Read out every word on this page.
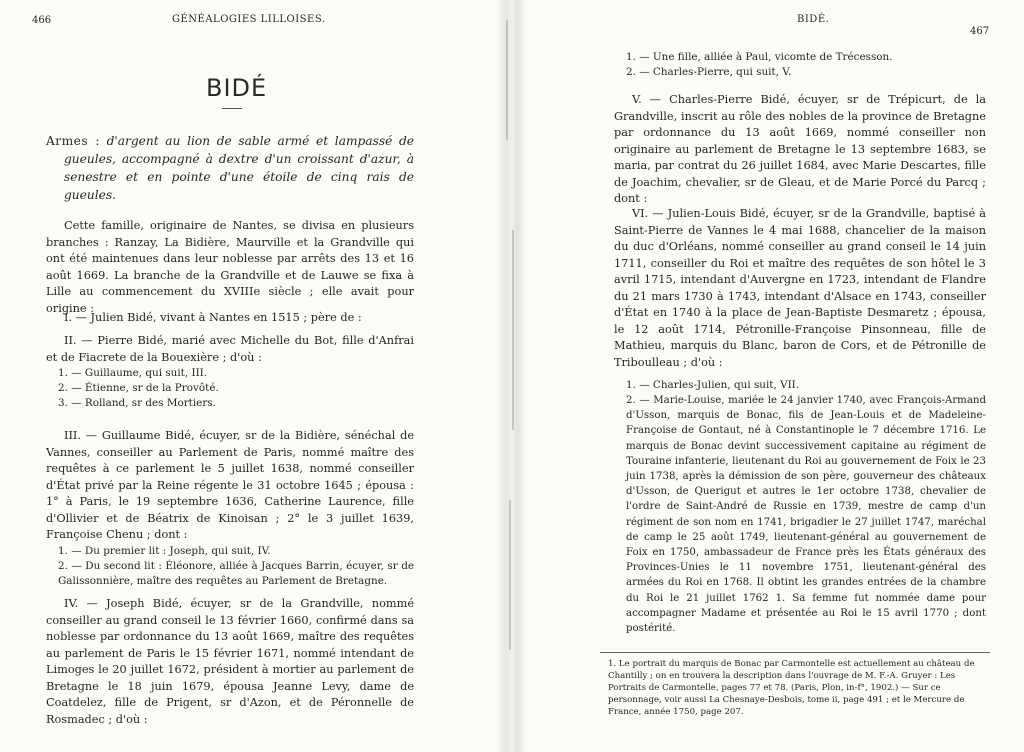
466	GÉNÉALOGIES LILLOISES.
BIDÉ

Armes : d'argent au lion de sable armé et lampassé de gueules, accompagné à dextre d'un croissant d'azur, à senestre et en pointe d'une étoile de cinq rais de gueules.

Cette famille, originaire de Nantes, se divisa en plusieurs branches : Ranzay, La Bidière, Maurville et la Grandville qui ont été maintenues dans leur noblesse par arrêts des 13 et 16 août 1669. La branche de la Grandville et de Lauwe se fixa à Lille au commencement du XVIIIe siècle ; elle avait pour origine :

I. — Julien Bidé, vivant à Nantes en 1515 ; père de :

II. — Pierre Bidé, marié avec Michelle du Bot, fille d'Anfrai et de Fiacrete de la Bouexière ; d'où :

1. — Guillaume, qui suit, III.

2. — Étienne, sr de la Provôté.

3. — Rolland, sr des Mortiers.

III. — Guillaume Bidé, écuyer, sr de la Bidière, sénéchal de Vannes, conseiller au Parlement de Paris, nommé maître des requêtes à ce parlement le 5 juillet 1638, nommé conseiller d'État privé par la Reine régente le 31 octobre 1645 ; épousa : 1° à Paris, le 19 septembre 1636, Catherine Laurence, fille d'Ollivier et de Béatrix de Kinoisan ; 2° le 3 juillet 1639, Françoise Chenu ; dont :

1. — Du premier lit : Joseph, qui suit, IV.

2. — Du second lit : Éléonore, alliée à Jacques Barrin, écuyer, sr de Galissonnière, maître des requêtes au Parlement de Bretagne.

IV. — Joseph Bidé, écuyer, sr de la Grandville, nommé conseiller au grand conseil le 13 février 1660, confirmé dans sa noblesse par ordonnance du 13 août 1669, maître des requêtes au parlement de Paris le 15 février 1671, nommé intendant de Limoges le 20 juillet 1672, président à mortier au parlement de Bretagne le 18 juin 1679, épousa Jeanne Levy, dame de Coatdelez, fille de Prigent, sr d'Azon, et de Péronnelle de Rosmadec ; d'où :

BIDÉ.
467

1. — Une fille, alliée à Paul, vicomte de Trécesson.

2. — Charles-Pierre, qui suit, V.

V. — Charles-Pierre Bidé, écuyer, sr de Trépicurt, de la Grandville, inscrit au rôle des nobles de la province de Bretagne par ordonnance du 13 août 1669, nommé conseiller non originaire au parlement de Bretagne le 13 septembre 1683, se maria, par contrat du 26 juillet 1684, avec Marie Descartes, fille de Joachim, chevalier, sr de Gleau, et de Marie Porcé du Parcq ; dont :

VI. — Julien-Louis Bidé, écuyer, sr de la Grandville, baptisé à Saint-Pierre de Vannes le 4 mai 1688, chancelier de la maison du duc d'Orléans, nommé conseiller au grand conseil le 14 juin 1711, conseiller du Roi et maître des requêtes de son hôtel le 3 avril 1715, intendant d'Auvergne en 1723, intendant de Flandre du 21 mars 1730 à 1743, intendant d'Alsace en 1743, conseiller d'État en 1740 à la place de Jean-Baptiste Desmaretz ; épousa, le 12 août 1714, Pétronille-Françoise Pinsonneau, fille de Mathieu, marquis du Blanc, baron de Cors, et de Pétronille de Triboulleau ; d'où :

1. — Charles-Julien, qui suit, VII.

2. — Marie-Louise, mariée le 24 janvier 1740, avec François-Armand d'Usson, marquis de Bonac, fils de Jean-Louis et de Madeleine-Françoise de Gontaut, né à Constantinople le 7 décembre 1716. Le marquis de Bonac devint successivement capitaine au régiment de Touraine infanterie, lieutenant du Roi au gouvernement de Foix le 23 juin 1738, après la démission de son père, gouverneur des châteaux d'Usson, de Querigut et autres le 1er octobre 1738, chevalier de l'ordre de Saint-André de Russie en 1739, mestre de camp d'un régiment de son nom en 1741, brigadier le 27 juillet 1747, maréchal de camp le 25 août 1749, lieutenant-général au gouvernement de Foix en 1750, ambassadeur de France près les États généraux des Provinces-Unies le 11 novembre 1751, lieutenant-général des armées du Roi en 1768. Il obtint les grandes entrées de la chambre du Roi le 21 juillet 1762 1. Sa femme fut nommée dame pour accompagner Madame et présentée au Roi le 15 avril 1770 ; dont postérité.

1. Le portrait du marquis de Bonac par Carmontelle est actuellement au château de Chantilly ; on en trouvera la description dans l'ouvrage de M. F.-A. Gruyer : Les Portraits de Carmontelle, pages 77 et 78. (Paris, Plon, in-f°, 1902.) — Sur ce personnage, voir aussi La Chesnaye-Desbois, tome ii, page 491 ; et le Mercure de France, année 1750, page 207.
